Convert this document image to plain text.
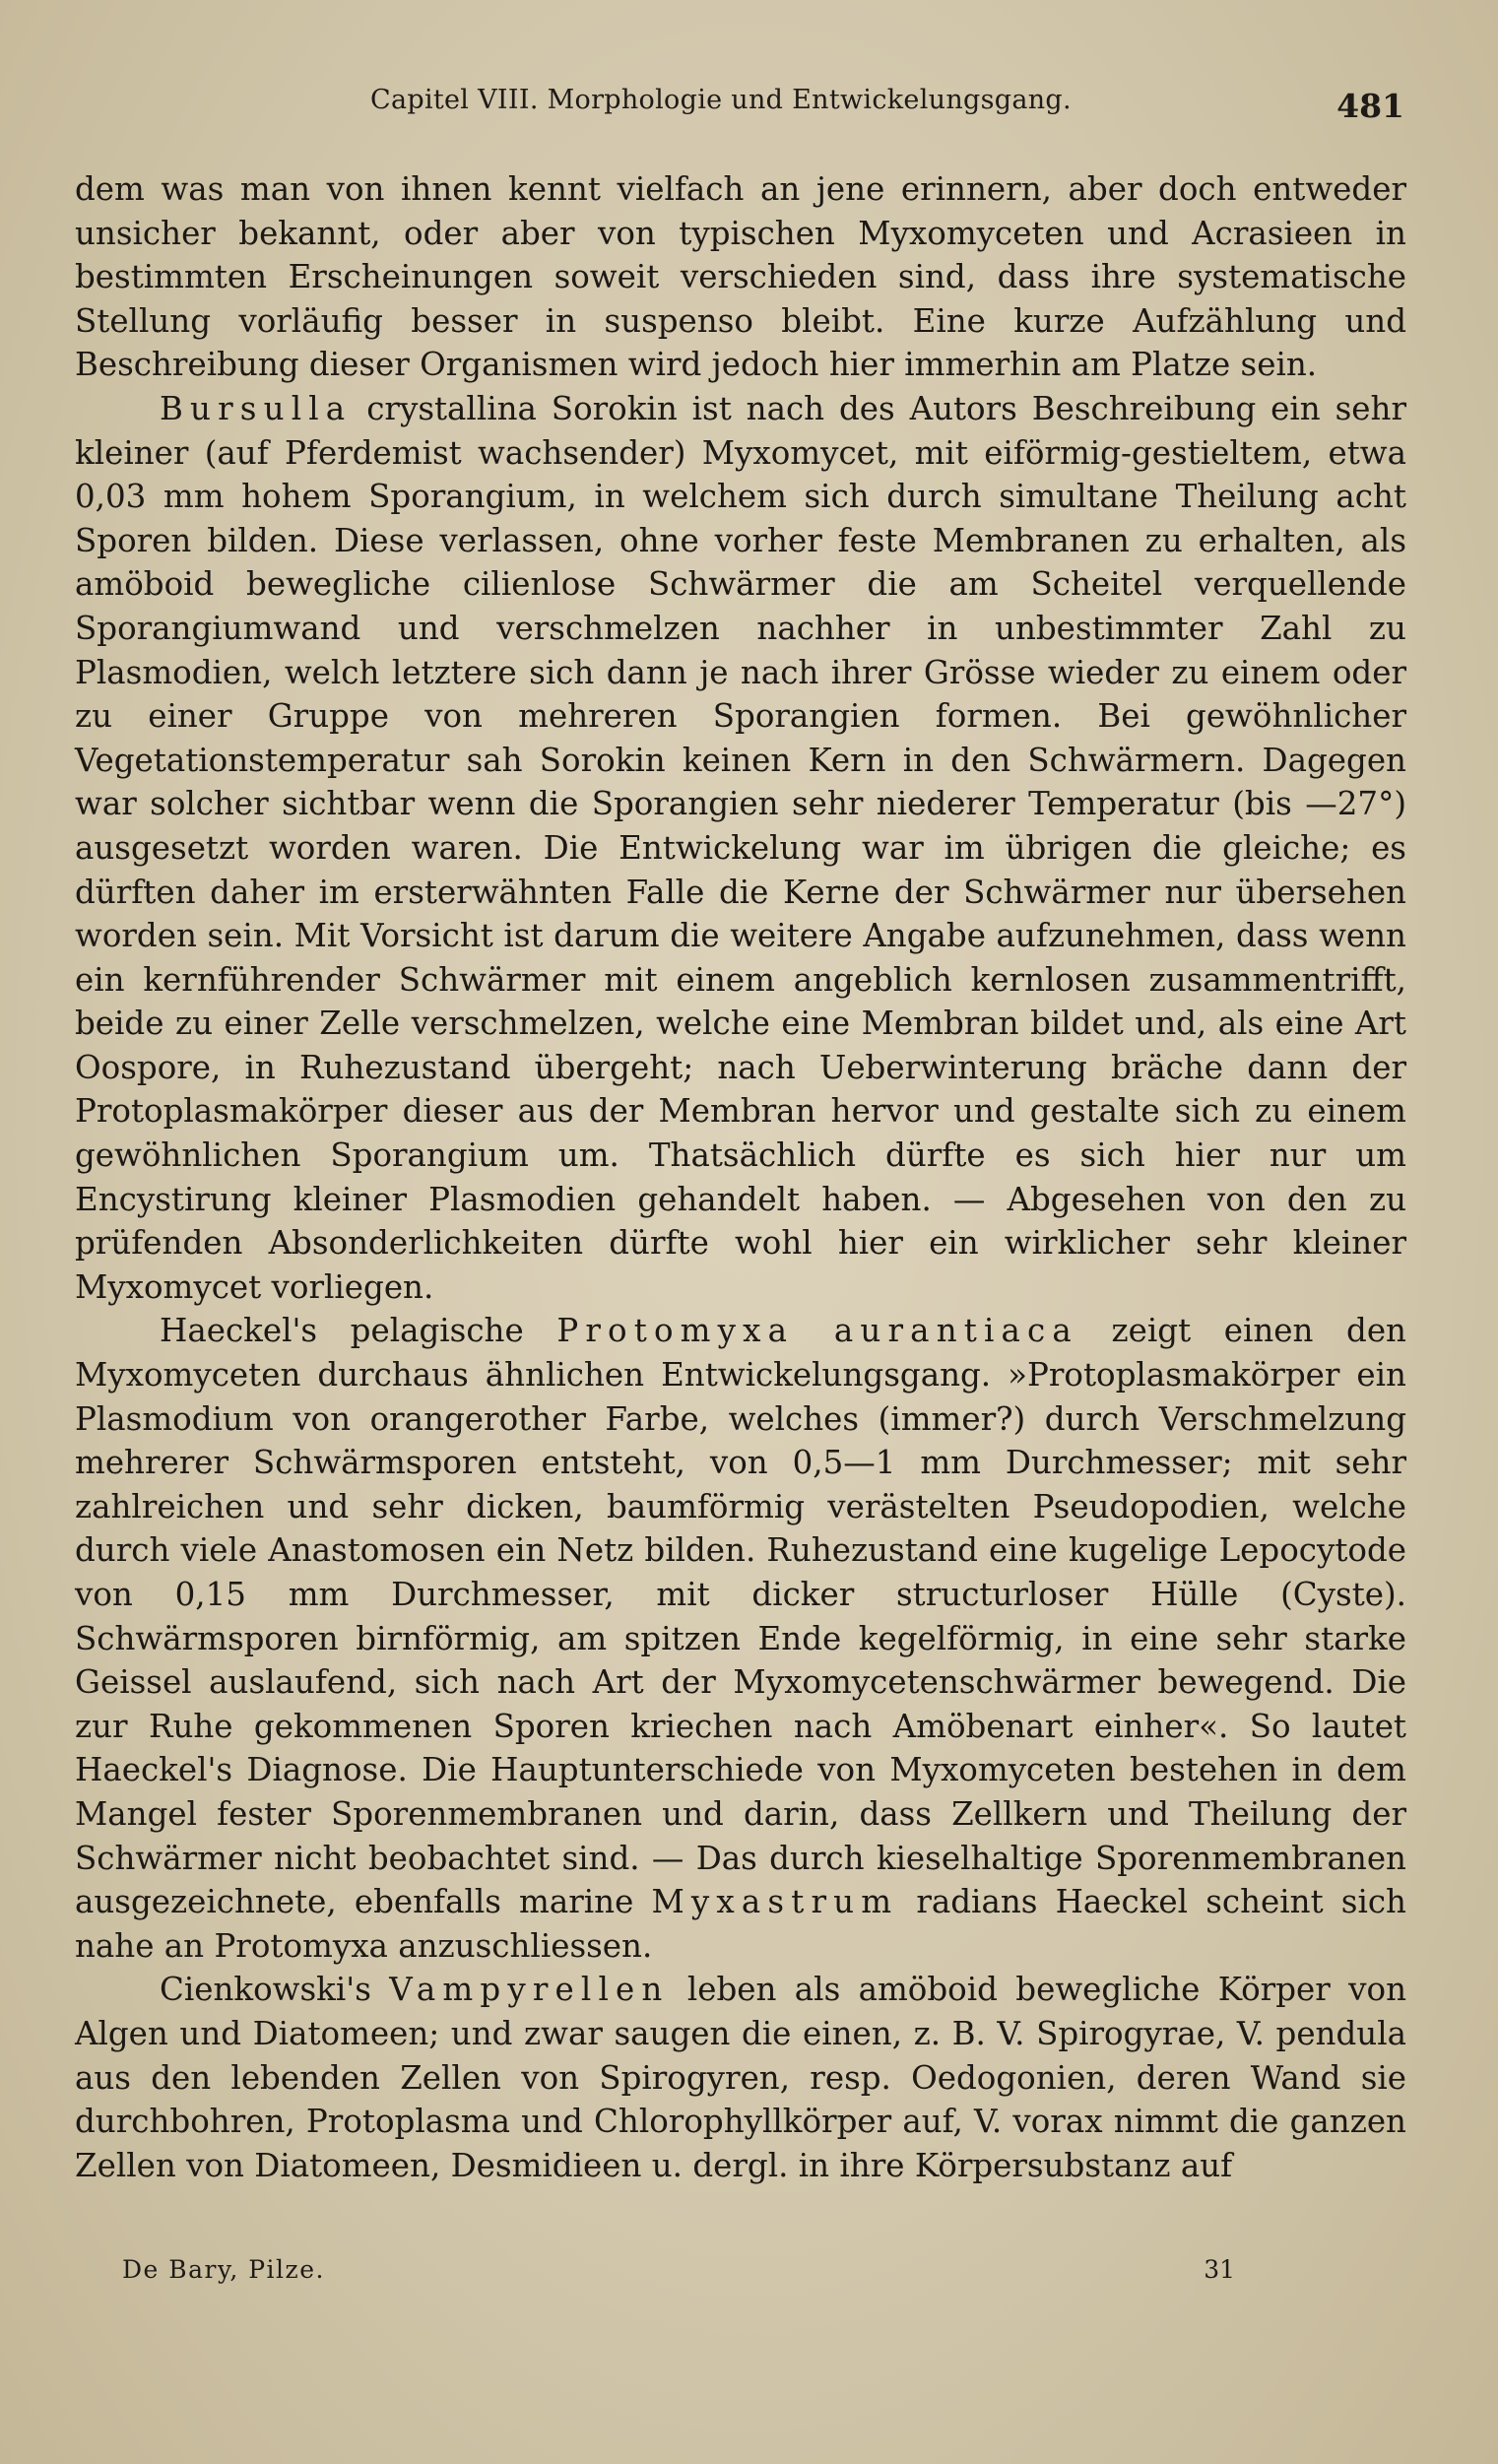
Capitel VIII. Morphologie und Entwickelungsgang.	481

dem was man von ihnen kennt vielfach an jene erinnern, aber doch entweder unsicher bekannt, oder aber von typischen Myxomyceten und Acrasieen in bestimmten Erscheinungen soweit verschieden sind, dass ihre systematische Stellung vorläufig besser in suspenso bleibt. Eine kurze Aufzählung und Beschreibung dieser Organismen wird jedoch hier immerhin am Platze sein.

Bursulla crystallina Sorokin ist nach des Autors Beschreibung ein sehr kleiner (auf Pferdemist wachsender) Myxomycet, mit eiförmig-gestieltem, etwa 0,03 mm hohem Sporangium, in welchem sich durch simultane Theilung acht Sporen bilden. Diese verlassen, ohne vorher feste Membranen zu erhalten, als amöboid bewegliche cilienlose Schwärmer die am Scheitel verquellende Sporangiumwand und verschmelzen nachher in unbestimmter Zahl zu Plasmodien, welch letztere sich dann je nach ihrer Grösse wieder zu einem oder zu einer Gruppe von mehreren Sporangien formen. Bei gewöhnlicher Vegetationstemperatur sah Sorokin keinen Kern in den Schwärmern. Dagegen war solcher sichtbar wenn die Sporangien sehr niederer Temperatur (bis —27°) ausgesetzt worden waren. Die Entwickelung war im übrigen die gleiche; es dürften daher im ersterwähnten Falle die Kerne der Schwärmer nur übersehen worden sein. Mit Vorsicht ist darum die weitere Angabe aufzunehmen, dass wenn ein kernführender Schwärmer mit einem angeblich kernlosen zusammentrifft, beide zu einer Zelle verschmelzen, welche eine Membran bildet und, als eine Art Oospore, in Ruhezustand übergeht; nach Ueberwinterung bräche dann der Protoplasmakörper dieser aus der Membran hervor und gestalte sich zu einem gewöhnlichen Sporangium um. Thatsächlich dürfte es sich hier nur um Encystirung kleiner Plasmodien gehandelt haben. — Abgesehen von den zu prüfenden Absonderlichkeiten dürfte wohl hier ein wirklicher sehr kleiner Myxomycet vorliegen.

Haeckel's pelagische Protomyxa aurantiaca zeigt einen den Myxomyceten durchaus ähnlichen Entwickelungsgang. »Protoplasmakörper ein Plasmodium von orangerother Farbe, welches (immer?) durch Verschmelzung mehrerer Schwärmsporen entsteht, von 0,5—1 mm Durchmesser; mit sehr zahlreichen und sehr dicken, baumförmig verästelten Pseudopodien, welche durch viele Anastomosen ein Netz bilden. Ruhezustand eine kugelige Lepocytode von 0,15 mm Durchmesser, mit dicker structurloser Hülle (Cyste). Schwärmsporen birnförmig, am spitzen Ende kegelförmig, in eine sehr starke Geissel auslaufend, sich nach Art der Myxomycetenschwärmer bewegend. Die zur Ruhe gekommenen Sporen kriechen nach Amöbenart einher«. So lautet Haeckel's Diagnose. Die Hauptunterschiede von Myxomyceten bestehen in dem Mangel fester Sporenmembranen und darin, dass Zellkern und Theilung der Schwärmer nicht beobachtet sind. — Das durch kieselhaltige Sporenmembranen ausgezeichnete, ebenfalls marine Myxastrum radians Haeckel scheint sich nahe an Protomyxa anzuschliessen.

Cienkowski's Vampyrellen leben als amöboid bewegliche Körper von Algen und Diatomeen; und zwar saugen die einen, z. B. V. Spirogyrae, V. pendula aus den lebenden Zellen von Spirogyren, resp. Oedogonien, deren Wand sie durchbohren, Protoplasma und Chlorophyllkörper auf, V. vorax nimmt die ganzen Zellen von Diatomeen, Desmidieen u. dergl. in ihre Körpersubstanz auf

De Bary, Pilze.	31
